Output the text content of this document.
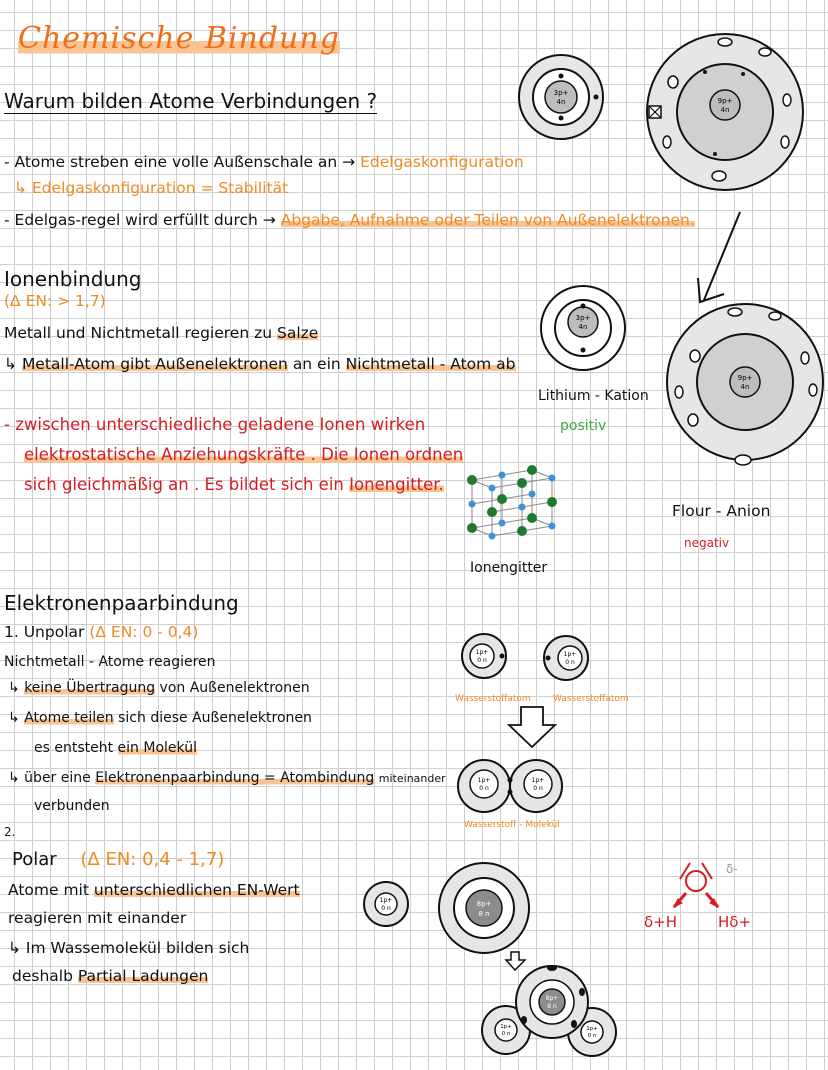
Chemische Bindung
Warum bilden Atome Verbindungen ?
- Atome streben eine volle Außenschale an → Edelgaskonfiguration
↳ Edelgaskonfiguration = Stabilität
- Edelgas-regel wird erfüllt durch → Abgabe, Aufnahme oder Teilen von Außenelektronen.
Ionenbindung
(Δ EN: > 1,7)
Metall und Nichtmetall regieren zu Salze
↳ Metall-Atom gibt Außenelektronen an ein Nichtmetall - Atom ab
- zwischen unterschiedliche geladene Ionen wirken
elektrostatische Anziehungskräfte . Die Ionen ordnen
sich gleichmäßig an . Es bildet sich ein Ionengitter.
3p+
4n	9p+
4n
3p+
4n
9p+
4n
Lithium - Kation
positiv
Flour - Anion
negativ
Ionengitter
Elektronenpaarbindung
1. Unpolar (Δ EN: 0 - 0,4)
Nichtmetall - Atome reagieren
↳ keine Übertragung von Außenelektronen
↳ Atome teilen sich diese Außenelektronen
es entsteht ein Molekül
↳ über eine Elektronenpaarbindung = Atombindung miteinander
verbunden
2.
Polar (Δ EN: 0,4 - 1,7)
Atome mit unterschiedlichen EN-Wert
reagieren mit einander
↳ Im Wassemolekül bilden sich
deshalb Partial Ladungen
1p+
0 n
1p+
0 n
Wasserstoffatom Wasserstoffatom
1p+
0 n
1p+
0 n
Wasserstoff - Molekül
1p+
0 n
8p+
8 n
8p+
8 n
1p+
0 n
1p+
0 n
δ-
δ+H	Hδ+
